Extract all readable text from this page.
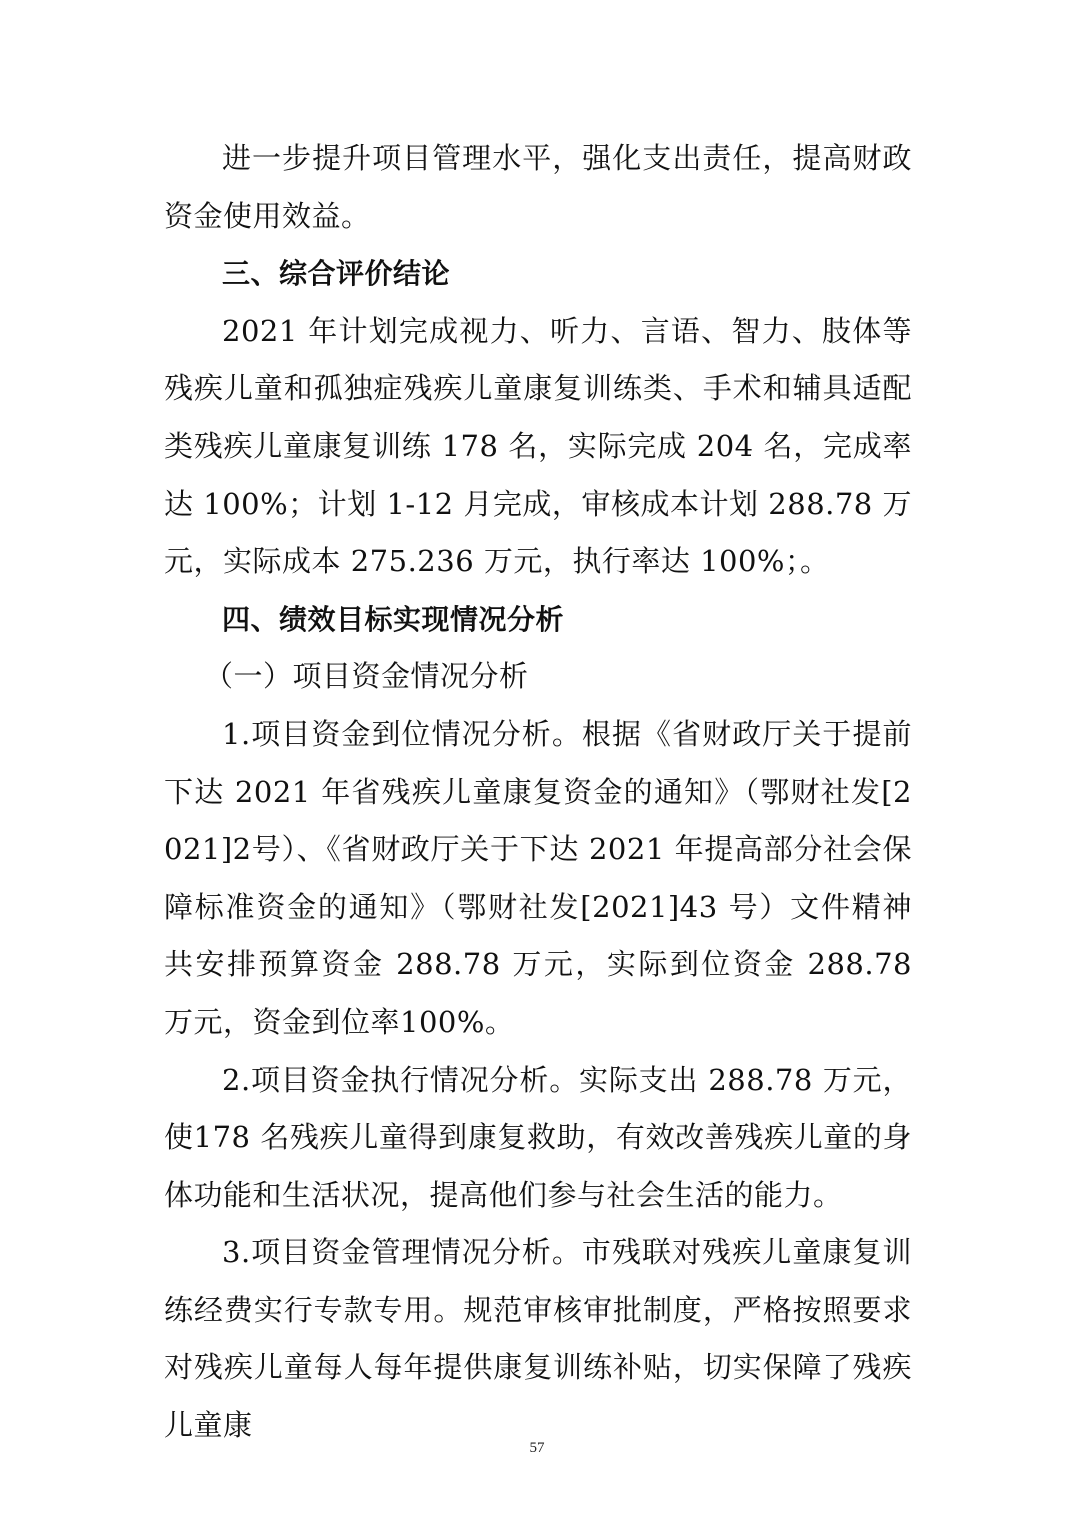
进一步提升项目管理水平，强化支出责任，提高财政资金使用效益。

三、综合评价结论

2021 年计划完成视力、听力、言语、智力、肢体等残疾儿童和孤独症残疾儿童康复训练类、手术和辅具适配类残疾儿童康复训练 178 名，实际完成 204 名，完成率达 100%；计划 1-12 月完成，审核成本计划 288.78 万元，实际成本 275.236 万元，执行率达 100%；。

四、绩效目标实现情况分析

（一）项目资金情况分析

1.项目资金到位情况分析。根据《省财政厅关于提前下达 2021 年省残疾儿童康复资金的通知》（鄂财社发[2021]2号）、《省财政厅关于下达 2021 年提高部分社会保障标准资金的通知》（鄂财社发[2021]43 号）文件精神共安排预算资金 288.78 万元，实际到位资金 288.78 万元，资金到位率100%。

2.项目资金执行情况分析。实际支出 288.78 万元，使178 名残疾儿童得到康复救助，有效改善残疾儿童的身体功能和生活状况，提高他们参与社会生活的能力。

3.项目资金管理情况分析。市残联对残疾儿童康复训练经费实行专款专用。规范审核审批制度，严格按照要求对残疾儿童每人每年提供康复训练补贴，切实保障了残疾儿童康

57
